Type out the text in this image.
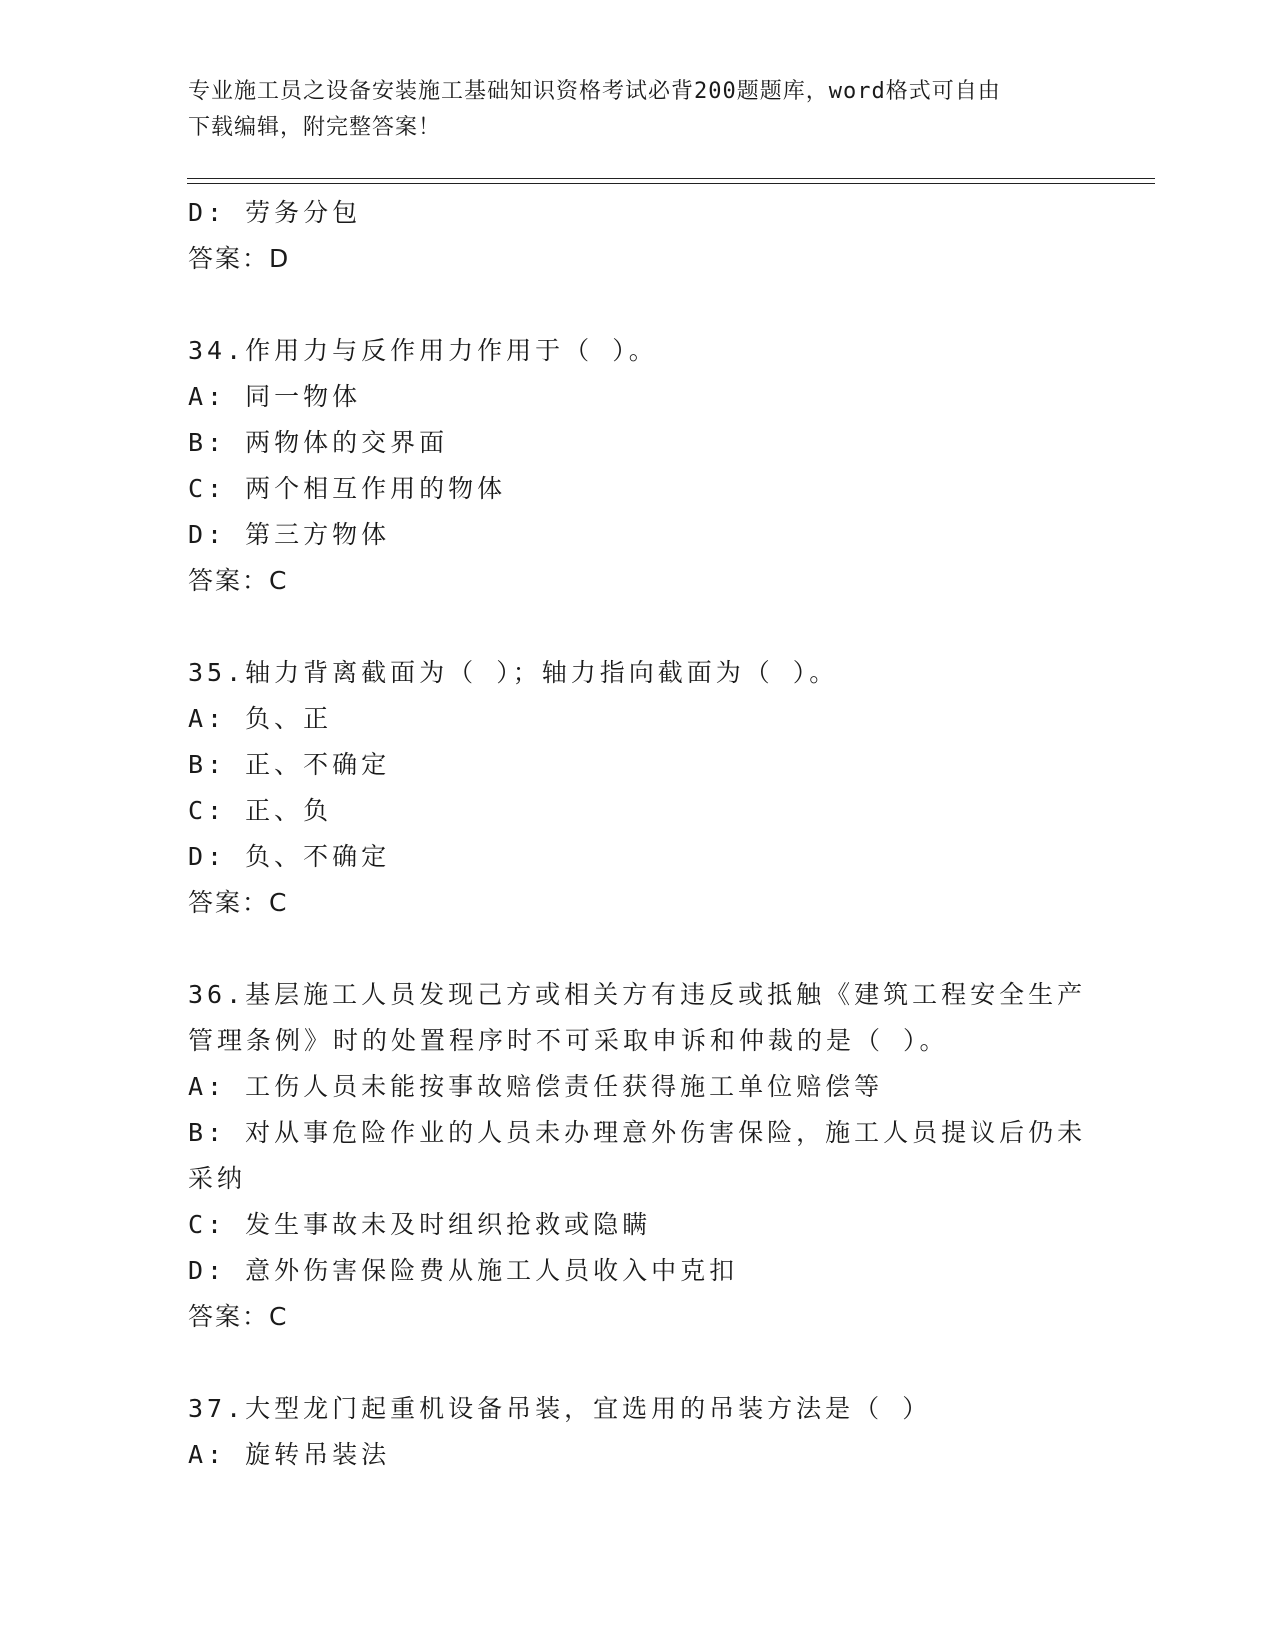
专业施工员之设备安装施工基础知识资格考试必背200题题库，word格式可自由
下载编辑，附完整答案！
D: 劳务分包
答案：D
34.作用力与反作用力作用于（ ）。
A: 同一物体
B: 两物体的交界面
C: 两个相互作用的物体
D: 第三方物体
答案：C
35.轴力背离截面为（ ）；轴力指向截面为（ ）。
A: 负、正
B: 正、不确定
C: 正、负
D: 负、不确定
答案：C
36.基层施工人员发现己方或相关方有违反或抵触《建筑工程安全生产
管理条例》时的处置程序时不可采取申诉和仲裁的是（ ）。
A: 工伤人员未能按事故赔偿责任获得施工单位赔偿等
B: 对从事危险作业的人员未办理意外伤害保险，施工人员提议后仍未
采纳
C: 发生事故未及时组织抢救或隐瞒
D: 意外伤害保险费从施工人员收入中克扣
答案：C
37.大型龙门起重机设备吊装，宜选用的吊装方法是（ ）
A: 旋转吊装法
